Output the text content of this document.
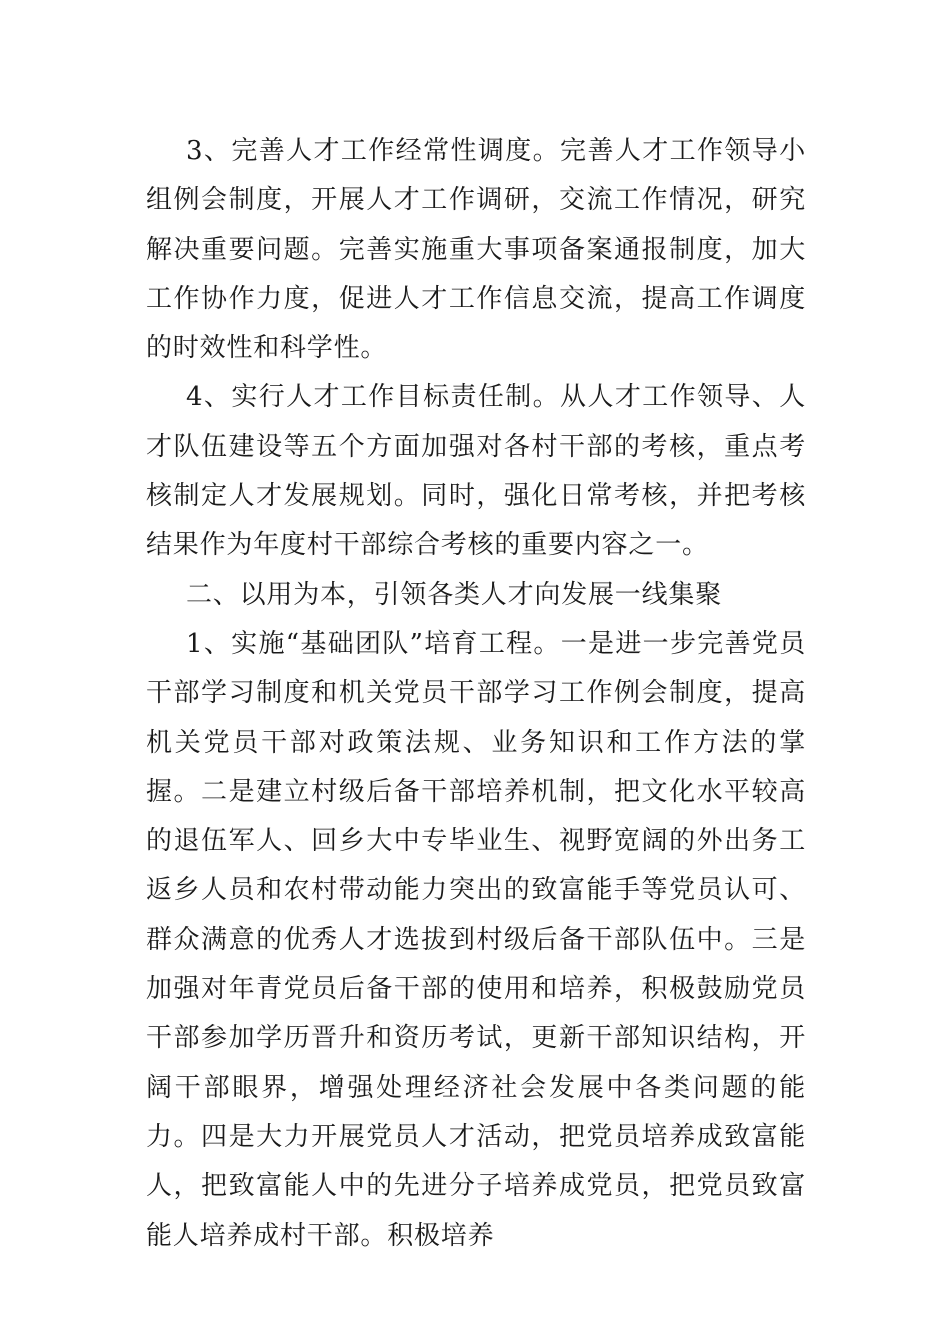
3、完善人才工作经常性调度。完善人才工作领导小组例会制度，开展人才工作调研，交流工作情况，研究解决重要问题。完善实施重大事项备案通报制度，加大工作协作力度，促进人才工作信息交流，提高工作调度的时效性和科学性。

4、实行人才工作目标责任制。从人才工作领导、人才队伍建设等五个方面加强对各村干部的考核，重点考核制定人才发展规划。同时，强化日常考核，并把考核结果作为年度村干部综合考核的重要内容之一。

二、以用为本，引领各类人才向发展一线集聚

1、实施“基础团队”培育工程。一是进一步完善党员干部学习制度和机关党员干部学习工作例会制度，提高机关党员干部对政策法规、业务知识和工作方法的掌握。二是建立村级后备干部培养机制，把文化水平较高的退伍军人、回乡大中专毕业生、视野宽阔的外出务工返乡人员和农村带动能力突出的致富能手等党员认可、群众满意的优秀人才选拔到村级后备干部队伍中。三是加强对年青党员后备干部的使用和培养，积极鼓励党员干部参加学历晋升和资历考试，更新干部知识结构，开阔干部眼界，增强处理经济社会发展中各类问题的能力。四是大力开展党员人才活动，把党员培养成致富能人，把致富能人中的先进分子培养成党员，把党员致富能人培养成村干部。积极培养
